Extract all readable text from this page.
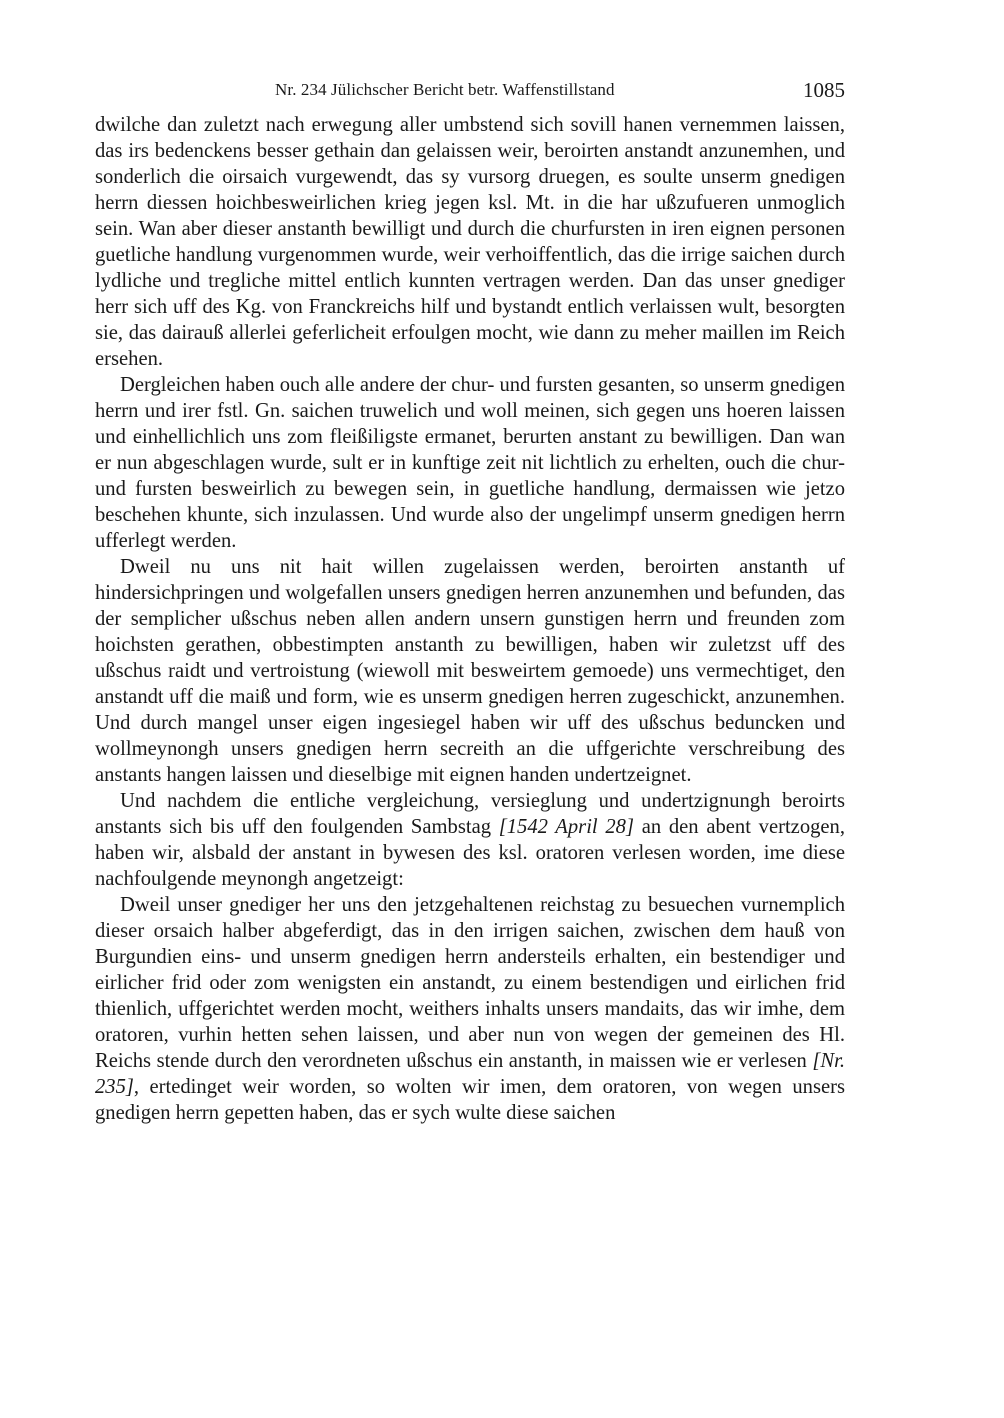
Nr. 234 Jülichscher Bericht betr. Waffenstillstand	1085

dwilche dan zuletzt nach erwegung aller umbstend sich sovill hanen vernemmen laissen, das irs bedenckens besser gethain dan gelaissen weir, beroirten anstandt anzunemhen, und sonderlich die oirsaich vurgewendt, das sy vursorg druegen, es soulte unserm gnedigen herrn diessen hoichbesweirlichen krieg jegen ksl. Mt. in die har ußzufueren unmoglich sein. Wan aber dieser anstanth bewilligt und durch die churfursten in iren eignen personen guetliche handlung vurgenommen wurde, weir verhoiffentlich, das die irrige saichen durch lydliche und tregliche mittel entlich kunnten vertragen werden. Dan das unser gnediger herr sich uff des Kg. von Franckreichs hilf und bystandt entlich verlaissen wult, besorgten sie, das dairauß allerlei geferlicheit erfoulgen mocht, wie dann zu meher maillen im Reich ersehen.

Dergleichen haben ouch alle andere der chur- und fursten gesanten, so unserm gnedigen herrn und irer fstl. Gn. saichen truwelich und woll meinen, sich gegen uns hoeren laissen und einhellichlich uns zom fleißiligste ermanet, berurten anstant zu bewilligen. Dan wan er nun abgeschlagen wurde, sult er in kunftige zeit nit lichtlich zu erhelten, ouch die chur- und fursten besweirlich zu bewegen sein, in guetliche handlung, dermaissen wie jetzo beschehen khunte, sich inzulassen. Und wurde also der ungelimpf unserm gnedigen herrn ufferlegt werden.

Dweil nu uns nit hait willen zugelaissen werden, beroirten anstanth uf hindersichpringen und wolgefallen unsers gnedigen herren anzunemhen und befunden, das der semplicher ußschus neben allen andern unsern gunstigen herrn und freunden zom hoichsten gerathen, obbestimpten anstanth zu bewilligen, haben wir zuletzst uff des ußschus raidt und vertroistung (wiewoll mit besweirtem gemoede) uns vermechtiget, den anstandt uff die maiß und form, wie es unserm gnedigen herren zugeschickt, anzunemhen. Und durch mangel unser eigen ingesiegel haben wir uff des ußschus beduncken und wollmeynongh unsers gnedigen herrn secreith an die uffgerichte verschreibung des anstants hangen laissen und dieselbige mit eignen handen undertzeignet.

Und nachdem die entliche vergleichung, versieglung und undertzignungh beroirts anstants sich bis uff den foulgenden Sambstag [1542 April 28] an den abent vertzogen, haben wir, alsbald der anstant in bywesen des ksl. oratoren verlesen worden, ime diese nachfoulgende meynongh angetzeigt:

Dweil unser gnediger her uns den jetzgehaltenen reichstag zu besuechen vurnemplich dieser orsaich halber abgeferdigt, das in den irrigen saichen, zwischen dem hauß von Burgundien eins- und unserm gnedigen herrn andersteils erhalten, ein bestendiger und eirlicher frid oder zom wenigsten ein anstandt, zu einem bestendigen und eirlichen frid thienlich, uffgerichtet werden mocht, weithers inhalts unsers mandaits, das wir imhe, dem oratoren, vurhin hetten sehen laissen, und aber nun von wegen der gemeinen des Hl. Reichs stende durch den verordneten ußschus ein anstanth, in maissen wie er verlesen [Nr. 235], ertedinget weir worden, so wolten wir imen, dem oratoren, von wegen unsers gnedigen herrn gepetten haben, das er sych wulte diese saichen
